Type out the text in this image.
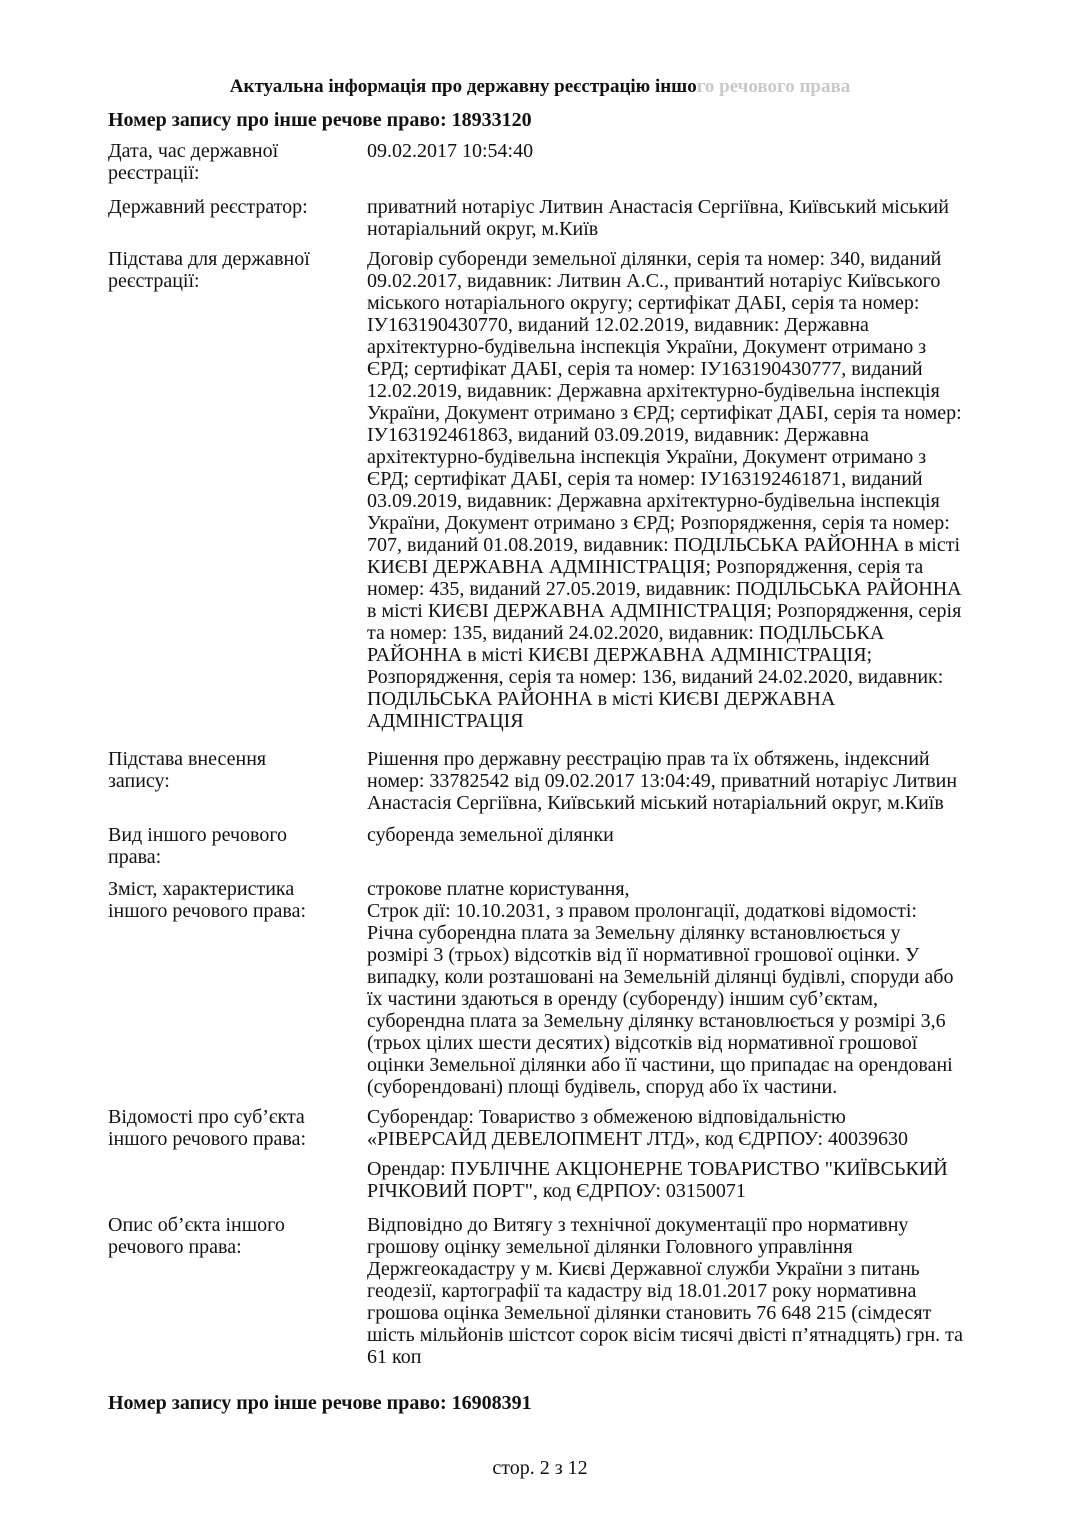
Актуальна інформація про державну реєстрацію іншого речового права
Номер запису про інше речове право: 18933120
Дата, час державної
реєстрації:
09.02.2017 10:54:40
Державний реєстратор:	приватний нотаріус Литвин Анастасія Сергіївна, Київський міський
нотаріальний округ, м.Київ
Підстава для державної
реєстрації:
Договір суборенди земельної ділянки, серія та номер: 340, виданий
09.02.2017, видавник: Литвин А.С., привантий нотаріус Київського
міського нотаріального округу; сертифікат ДАБІ, серія та номер:
ІУ163190430770, виданий 12.02.2019, видавник: Державна
архітектурно-будівельна інспекція України, Документ отримано з
ЄРД; сертифікат ДАБІ, серія та номер: ІУ163190430777, виданий
12.02.2019, видавник: Державна архітектурно-будівельна інспекція
України, Документ отримано з ЄРД; сертифікат ДАБІ, серія та номер:
ІУ163192461863, виданий 03.09.2019, видавник: Державна
архітектурно-будівельна інспекція України, Документ отримано з
ЄРД; сертифікат ДАБІ, серія та номер: ІУ163192461871, виданий
03.09.2019, видавник: Державна архітектурно-будівельна інспекція
України, Документ отримано з ЄРД; Розпорядження, серія та номер:
707, виданий 01.08.2019, видавник: ПОДІЛЬСЬКА РАЙОННА в місті
КИЄВІ ДЕРЖАВНА АДМІНІСТРАЦІЯ; Розпорядження, серія та
номер: 435, виданий 27.05.2019, видавник: ПОДІЛЬСЬКА РАЙОННА
в місті КИЄВІ ДЕРЖАВНА АДМІНІСТРАЦІЯ; Розпорядження, серія
та номер: 135, виданий 24.02.2020, видавник: ПОДІЛЬСЬКА
РАЙОННА в місті КИЄВІ ДЕРЖАВНА АДМІНІСТРАЦІЯ;
Розпорядження, серія та номер: 136, виданий 24.02.2020, видавник:
ПОДІЛЬСЬКА РАЙОННА в місті КИЄВІ ДЕРЖАВНА
АДМІНІСТРАЦІЯ
Підстава внесення
запису:
Рішення про державну реєстрацію прав та їх обтяжень, індексний
номер: 33782542 від 09.02.2017 13:04:49, приватний нотаріус Литвин
Анастасія Сергіївна, Київський міський нотаріальний округ, м.Київ
Вид іншого речового
права:
суборенда земельної ділянки
Зміст, характеристика
іншого речового права:
строкове платне користування,
Строк дії: 10.10.2031, з правом пролонгації, додаткові відомості:
Річна суборендна плата за Земельну ділянку встановлюється у
розмірі 3 (трьох) відсотків від її нормативної грошової оцінки. У
випадку, коли розташовані на Земельній ділянці будівлі, споруди або
їх частини здаються в оренду (суборенду) іншим суб’єктам,
суборендна плата за Земельну ділянку встановлюється у розмірі 3,6
(трьох цілих шести десятих) відсотків від нормативної грошової
оцінки Земельної ділянки або її частини, що припадає на орендовані
(суборендовані) площі будівель, споруд або їх частини.
Відомості про суб’єкта
іншого речового права:
Суборендар: Товариство з обмеженою відповідальністю
«РІВЕРСАЙД ДЕВЕЛОПМЕНТ ЛТД», код ЄДРПОУ: 40039630
Орендар: ПУБЛІЧНЕ АКЦІОНЕРНЕ ТОВАРИСТВО "КИЇВСЬКИЙ
РІЧКОВИЙ ПОРТ", код ЄДРПОУ: 03150071
Опис об’єкта іншого
речового права:
Відповідно до Витягу з технічної документації про нормативну
грошову оцінку земельної ділянки Головного управління
Держгеокадастру у м. Києві Державної служби України з питань
геодезії, картографії та кадастру від 18.01.2017 року нормативна
грошова оцінка Земельної ділянки становить 76 648 215 (сімдесят
шість мільйонів шістсот сорок вісім тисячі двісті п’ятнадцять) грн. та
61 коп
Номер запису про інше речове право: 16908391
стор. 2 з 12
